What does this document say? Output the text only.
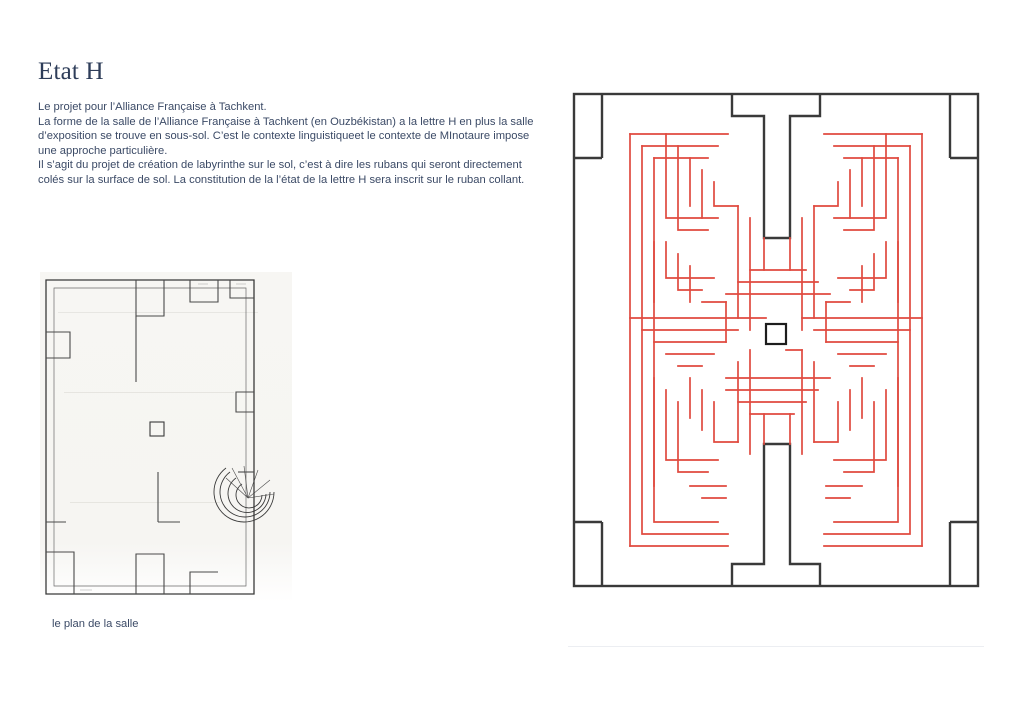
Etat H

Le projet pour l’Alliance Française à Tachkent.

La forme de la salle de l’Alliance Française à Tachkent (en Ouzbékistan) a la lettre H en plus la salle d’exposition se trouve en sous-sol. C’est le contexte linguistiqueet le contexte de MInotaure impose une approche particulière.

Il s’agit du projet de création de labyrinthe sur le sol, c’est à dire les rubans qui seront directement colés sur la surface de sol. La constitution de la l’état de la lettre H sera inscrit sur le ruban collant.

le plan de la salle
